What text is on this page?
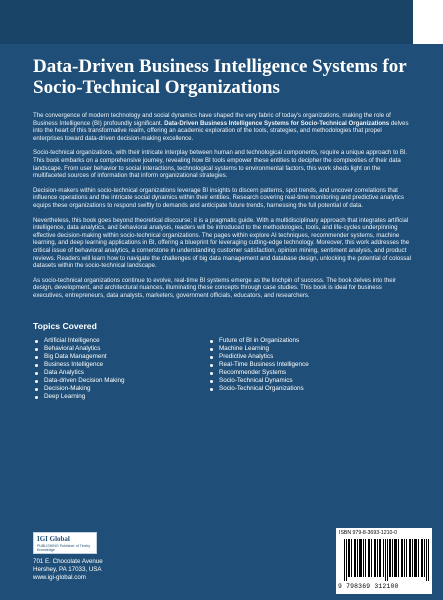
Data-Driven Business Intelligence Systems for Socio-Technical Organizations

The convergence of modern technology and social dynamics have shaped the very fabric of today's organizations, making the role of Business Intelligence (BI) profoundly significant. Data-Driven Business Intelligence Systems for Socio-Technical Organizations delves into the heart of this transformative realm, offering an academic exploration of the tools, strategies, and methodologies that propel enterprises toward data-driven decision-making excellence.

Socio-technical organizations, with their intricate interplay between human and technological components, require a unique approach to BI. This book embarks on a comprehensive journey, revealing how BI tools empower these entities to decipher the complexities of their data landscape. From user behavior to social interactions, technological systems to environmental factors, this work sheds light on the multifaceted sources of information that inform organizational strategies.

Decision-makers within socio-technical organizations leverage BI insights to discern patterns, spot trends, and uncover correlations that influence operations and the intricate social dynamics within their entities. Research covering real-time monitoring and predictive analytics equips these organizations to respond swiftly to demands and anticipate future trends, harnessing the full potential of data.

Nevertheless, this book goes beyond theoretical discourse; it is a pragmatic guide. With a multidisciplinary approach that integrates artificial intelligence, data analytics, and behavioral analysis, readers will be introduced to the methodologies, tools, and life-cycles underpinning effective decision-making within socio-technical organizations. The pages within explore AI techniques, recommender systems, machine learning, and deep learning applications in BI, offering a blueprint for leveraging cutting-edge technology. Moreover, this work addresses the critical issue of behavioral analytics, a cornerstone in understanding customer satisfaction, opinion mining, sentiment analysis, and product reviews. Readers will learn how to navigate the challenges of big data management and database design, unlocking the potential of colossal datasets within the socio-technical landscape.

As socio-technical organizations continue to evolve, real-time BI systems emerge as the linchpin of success. The book delves into their design, development, and architectural nuances, illuminating these concepts through case studies. This book is ideal for business executives, entrepreneurs, data analysts, marketers, government officials, educators, and researchers.

Topics Covered
Artificial Intelligence
Behavioral Analytics
Big Data Management
Business Intelligence
Data Analytics
Data-driven Decision Making
Decision-Making
Deep Learning
Future of BI in Organizations
Machine Learning
Predictive Analytics
Real-Time Business Intelligence
Recommender Systems
Socio-Technical Dynamics
Socio-Technical Organizations
IGI Global
PUBLISHING Publisher of Timely Knowledge
701 E. Chocolate Avenue
Hershey, PA 17033, USA
www.igi-global.com
ISBN 979-8-3693-1210-0
9 798369 312100
